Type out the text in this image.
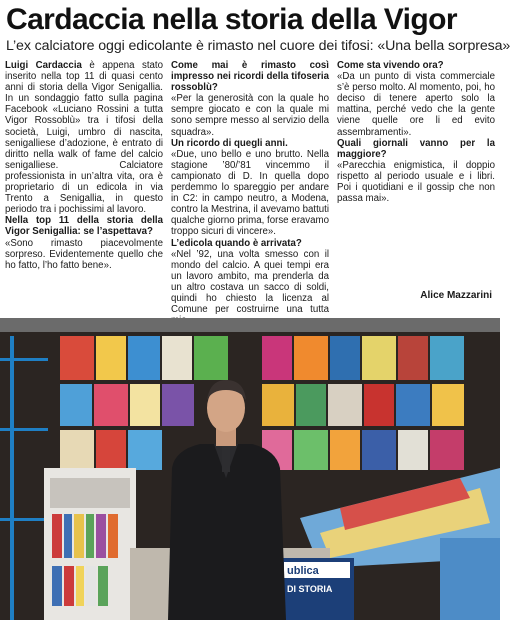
Cardaccia nella storia della Vigor
L’ex calciatore oggi edicolante è rimasto nel cuore dei tifosi: «Una bella sorpresa»

Luigi Cardaccia è appena stato inserito nella top 11 di quasi cento anni di storia della Vigor Senigallia. In un sondaggio fatto sulla pagina Facebook «Luciano Rossini a tutta Vigor Rossoblù» tra i tifosi della società, Luigi, umbro di nascita, senigalliese d’adozione, è entrato di diritto nella walk of fame del calcio senigalliese. Calciatore professionista in un’altra vita, ora è proprietario di un edicola in via Trento a Senigallia, in questo periodo tra i pochissimi al lavoro.

Nella top 11 della storia della Vigor Senigallia: se l’aspettava?

«Sono rimasto piacevolmente sorpreso. Evidentemente quello che ho fatto, l’ho fatto bene».

Come mai è rimasto così impresso nei ricordi della tifoseria rossoblù?

«Per la generosità con la quale ho sempre giocato e con la quale mi sono sempre messo al servizio della squadra».

Un ricordo di quegli anni.

«Due, uno bello e uno brutto. Nella stagione ’80/’81 vincemmo il campionato di D. In quella dopo perdemmo lo spareggio per andare in C2: in campo neutro, a Modena, contro la Mestrina, il avevamo battuti qualche giorno prima, forse eravamo troppo sicuri di vincere».

L’edicola quando è arrivata?

«Nel ’92, una volta smesso con il mondo del calcio. A quei tempi era un lavoro ambito, ma prenderla da un altro costava un sacco di soldi, quindi ho chiesto la licenza al Comune per costruirne una tutta

Come sta vivendo ora?

«Da un punto di vista commerciale s’è perso molto. Al momento, poi, ho deciso di tenere aperto solo la mattina, perché vedo che la gente viene quelle ore li ed evito assembramenti».

Quali giornali vanno per la maggiore?

«Parecchia enigmistica, il doppio rispetto al periodo usuale e i libri. Poi i quotidiani e il gossip che non passa mai».

Alice Mazzarini
ublica
DI STORIA
